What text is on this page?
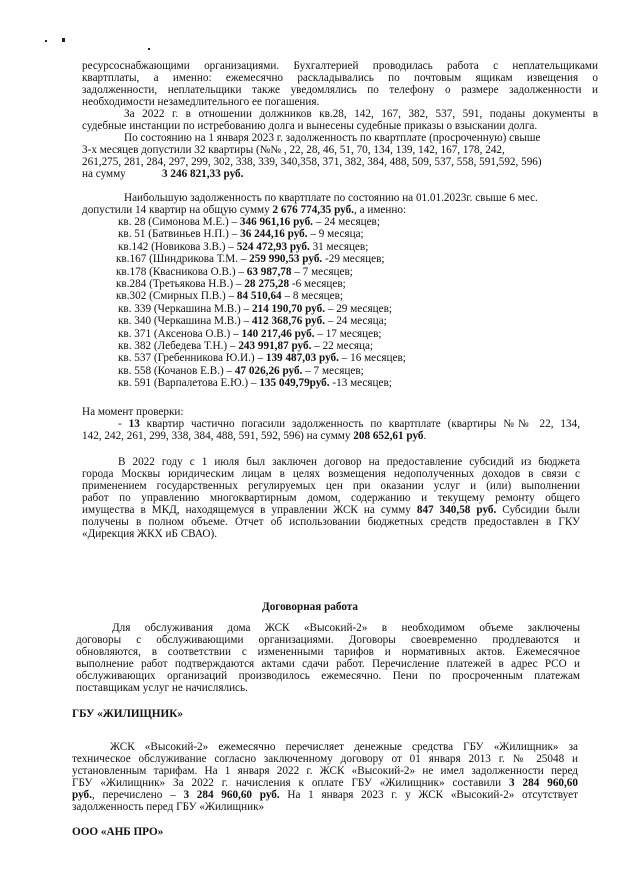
ресурсоснабжающими организациями. Бухгалтерией проводилась работа с неплательщиками
квартплаты, а именно: ежемесячно раскладывались по почтовым ящикам извещения о
задолженности, неплательщики также уведомлялись по телефону о размере задолженности и
необходимости незамедлительного ее погашения.
За 2022 г. в отношении должников кв.28, 142, 167, 382, 537, 591, поданы документы в
судебные инстанции по истребованию долга и вынесены судебные приказы о взыскании долга.
По состоянию на 1 января 2023 г. задолженность по квартплате (просроченную) свыше
3-х месяцев допустили 32 квартиры (№№ , 22, 28, 46, 51, 70, 134, 139, 142, 167, 178, 242,
261,275, 281, 284, 297, 299, 302, 338, 339, 340,358, 371, 382, 384, 488, 509, 537, 558, 591,592, 596)
на сумму	3 246 821,33 руб.
Наибольшую задолженность по квартплате по состоянию на 01.01.2023г. свыше 6 мес.
допустили 14 квартир на общую сумму 2 676 774,35 руб., а именно:
кв. 28 (Симонова М.Е.) – 346 961,16 руб. – 24 месяцев;
кв. 51 (Батвиньев Н.П.) – 36 244,16 руб. – 9 месяца;
кв.142 (Новикова З.В.) – 524 472,93 руб. 31 месяцев;
кв.167 (Шиндрикова Т.М. – 259 990,53 руб. -29 месяцев;
кв.178 (Квасникова О.В.) – 63 987,78 – 7 месяцев;
кв.284 (Третьякова Н.В.) – 28 275,28 -6 месяцев;
кв.302 (Смирных П.В.) – 84 510,64 – 8 месяцев;
кв. 339 (Черкашина М.В.) – 214 190,70 руб. – 29 месяцев;
кв. 340 (Черкашина М.В.) – 412 368,76 руб. – 24 месяца;
кв. 371 (Аксенова О.В.) – 140 217,46 руб. – 17 месяцев;
кв. 382 (Лебедева Т.Н.) – 243 991,87 руб. – 22 месяца;
кв. 537 (Гребенникова Ю.И.) – 139 487,03 руб. – 16 месяцев;
кв. 558 (Кочанов Е.В.) – 47 026,26 руб. – 7 месяцев;
кв. 591 (Варпалетова Е.Ю.) – 135 049,79руб. -13 месяцев;
На момент проверки:
- 13 квартир частично погасили задолженность по квартплате (квартиры №№ 22, 134,
142, 242, 261, 299, 338, 384, 488, 591, 592, 596) на сумму 208 652,61 руб.
В 2022 году с 1 июля был заключен договор на предоставление субсидий из бюджета
города Москвы юридическим лицам в целях возмещения недополученных доходов в связи с
применением государственных регулируемых цен при оказании услуг и (или) выполнении
работ по управлению многоквартирным домом, содержанию и текущему ремонту общего
имущества в МКД, находящемуся в управлении ЖСК на сумму 847 340,58 руб. Субсидии были
получены в полном объеме. Отчет об использовании бюджетных средств предоставлен в ГКУ
«Дирекция ЖКХ иБ СВАО).
Договорная работа
Для обслуживания дома ЖСК «Высокий-2» в необходимом объеме заключены
договоры с обслуживающими организациями. Договоры своевременно продлеваются и
обновляются, в соответствии с измененными тарифов и нормативных актов. Ежемесячное
выполнение работ подтверждаются актами сдачи работ. Перечисление платежей в адрес РСО и
обслуживающих организаций производилось ежемесячно. Пени по просроченным платежам
поставщикам услуг не начислялись.
ГБУ «ЖИЛИЩНИК»
ЖСК «Высокий-2» ежемесячно перечисляет денежные средства ГБУ «Жилищник» за
техническое обслуживание согласно заключенному договору от 01 января 2013 г. № 25048 и
установленным тарифам. На 1 января 2022 г. ЖСК «Высокий-2» не имел задолженности перед
ГБУ «Жилищник» За 2022 г. начисления к оплате ГБУ «Жилищник» составили 3 284 960,60
руб., перечислено – 3 284 960,60 руб. На 1 января 2023 г. у ЖСК «Высокий-2» отсутствует
задолженность перед ГБУ «Жилищник»
ООО «АНБ ПРО»
